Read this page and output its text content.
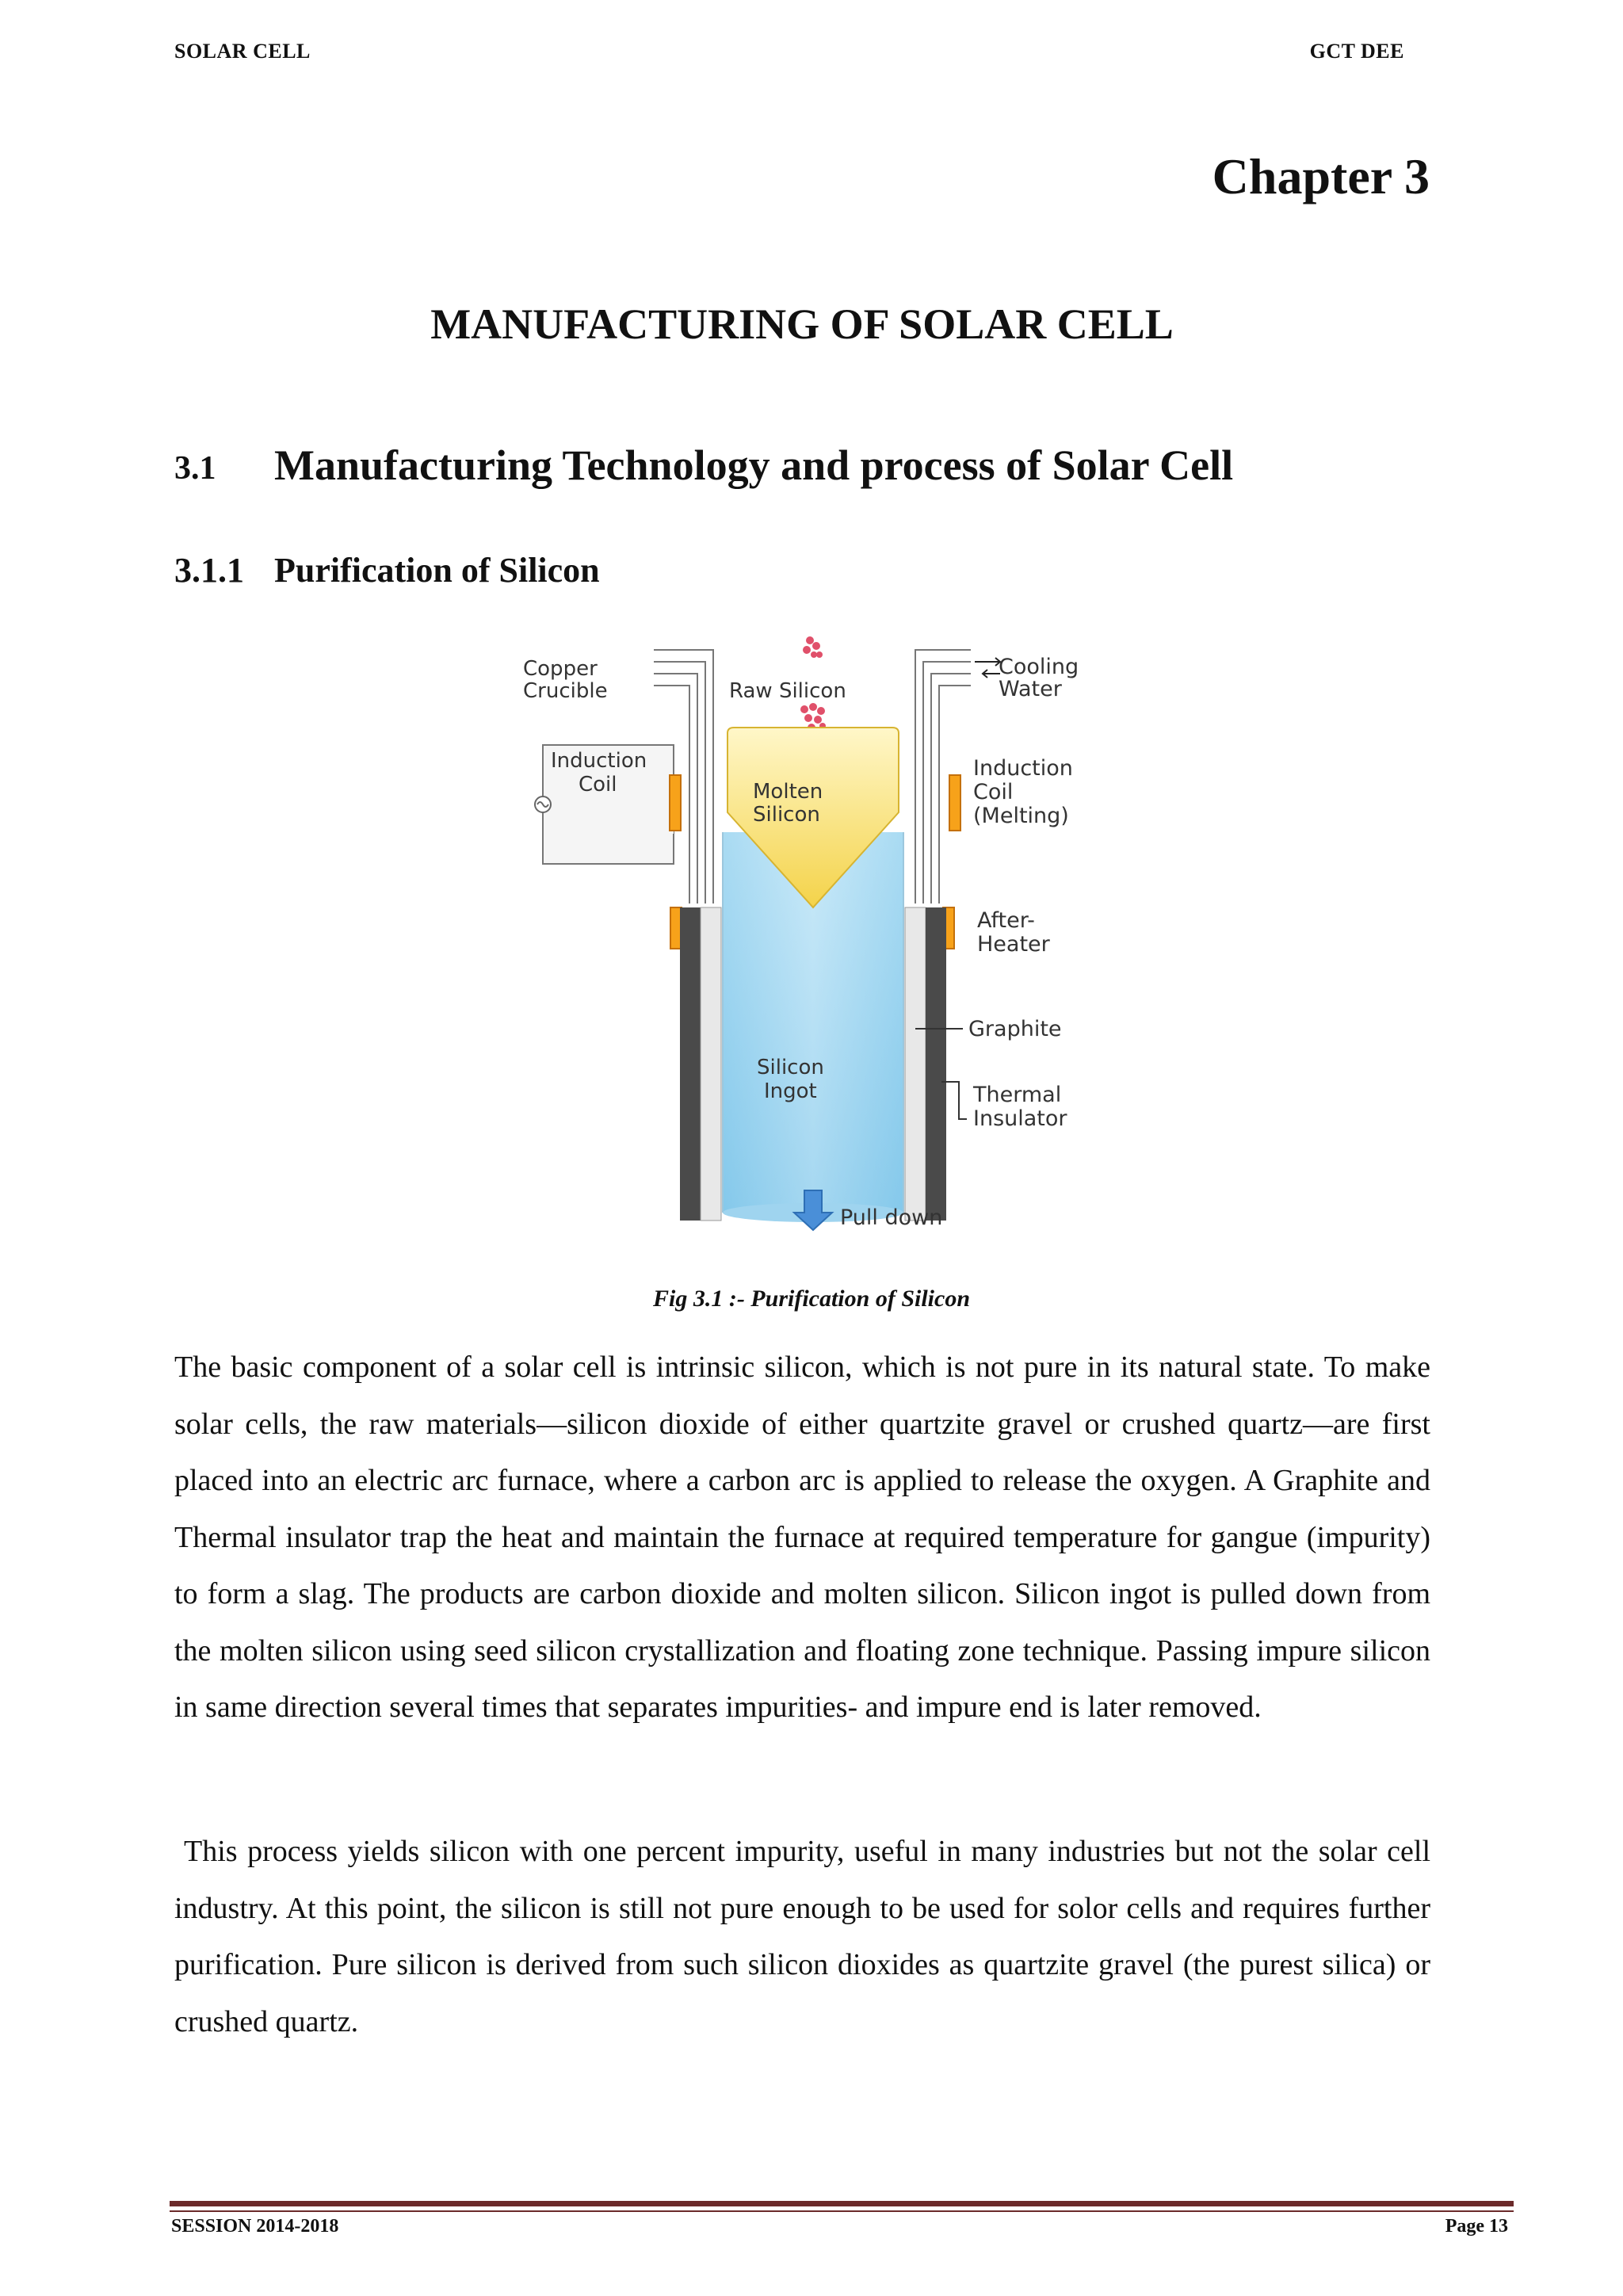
SOLAR CELL	GCT DEE
Chapter 3
MANUFACTURING OF SOLAR CELL
3.1 Manufacturing Technology and process of Solar Cell
3.1.1 Purification of Silicon
Copper
Crucible	Raw Silicon
Cooling
Water
Induction
Coil	Molten
Silicon
Induction
Coil
(Melting)
After-
Heater
Graphite
Silicon
Ingot	Thermal
Insulator
Pull down
Fig 3.1 :- Purification of Silicon

The basic component of a solar cell is intrinsic silicon, which is not pure in its natural state. To make solar cells, the raw materials—silicon dioxide of either quartzite gravel or crushed quartz—are first placed into an electric arc furnace, where a carbon arc is applied to release the oxygen. A Graphite and Thermal insulator trap the heat and maintain the furnace at required temperature for gangue (impurity) to form a slag. The products are carbon dioxide and molten silicon. Silicon ingot is pulled down from the molten silicon using seed silicon crystallization and floating zone technique. Passing impure silicon in same direction several times that separates impurities- and impure end is later removed.

This process yields silicon with one percent impurity, useful in many industries but not the solar cell industry. At this point, the silicon is still not pure enough to be used for solor cells and requires further purification. Pure silicon is derived from such silicon dioxides as quartzite gravel (the purest silica) or crushed quartz.

SESSION 2014-2018	Page 13
